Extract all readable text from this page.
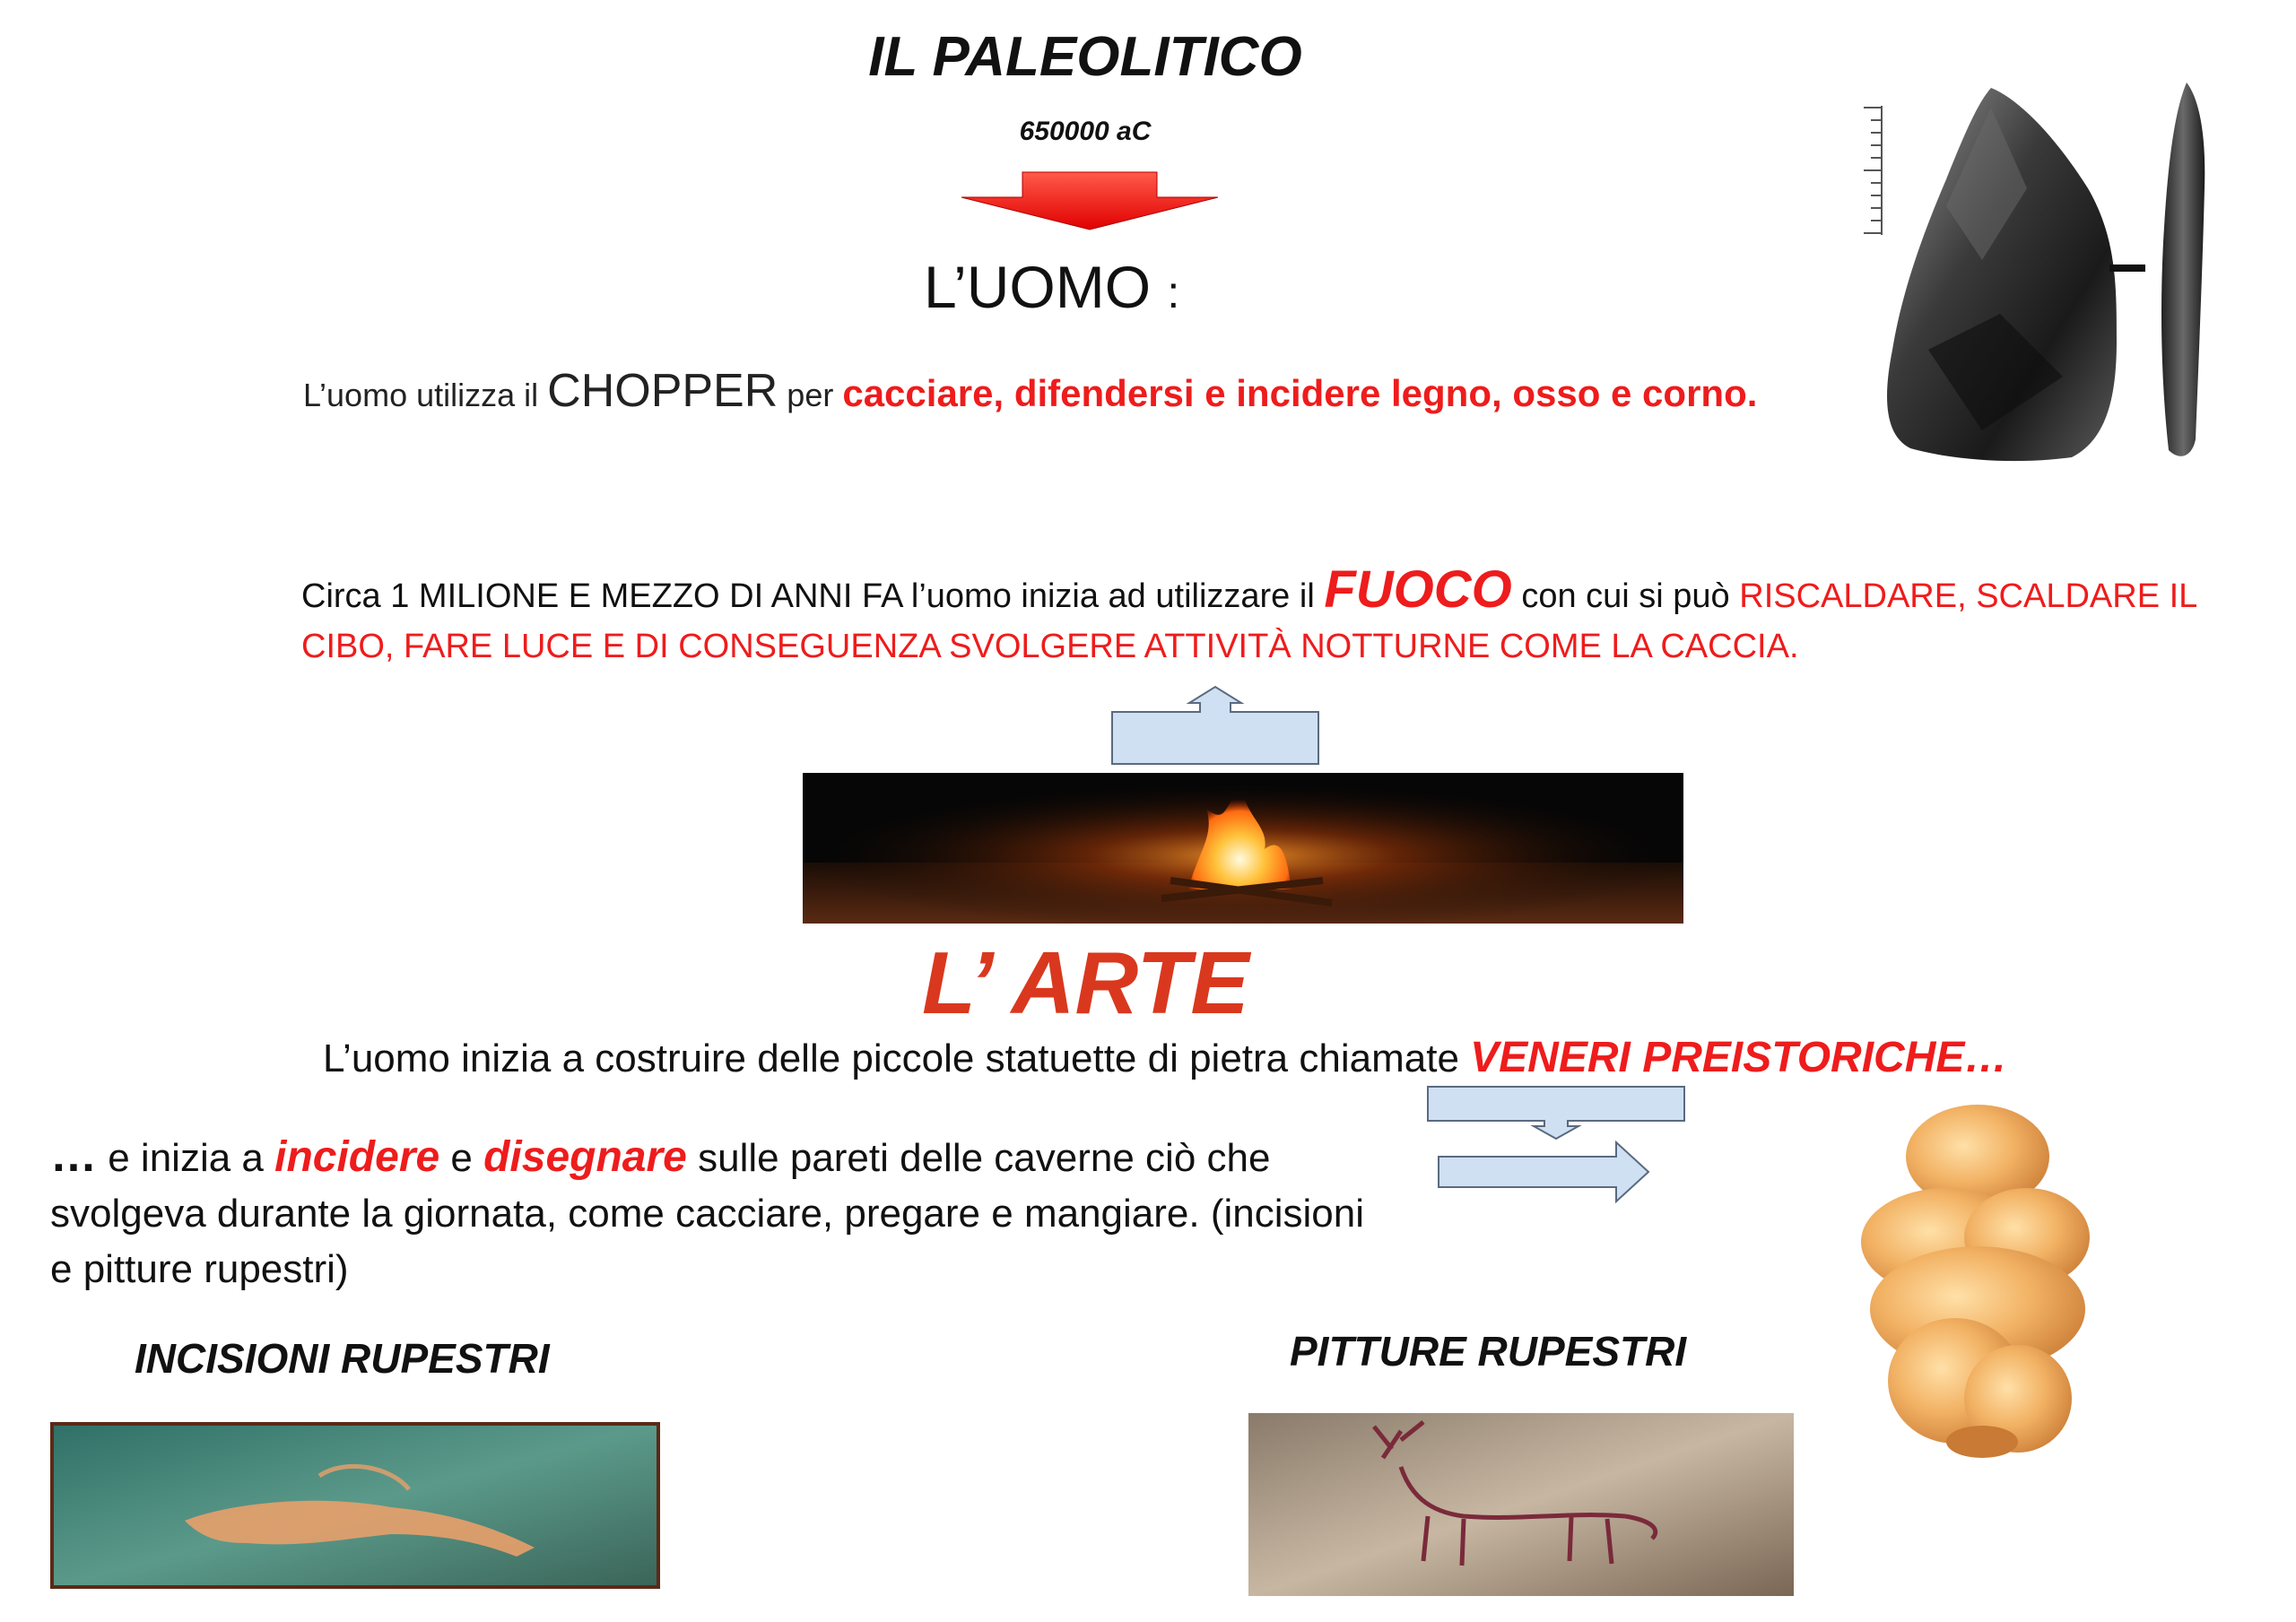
IL PALEOLITICO
650000 aC
L’UOMO :
L’uomo utilizza il CHOPPER per cacciare, difendersi e incidere legno, osso e corno.
Circa 1 MILIONE E MEZZO DI ANNI FA l’uomo inizia ad utilizzare il FUOCO con cui si può RISCALDARE, SCALDARE IL CIBO, FARE LUCE E DI CONSEGUENZA SVOLGERE ATTIVITÀ NOTTURNE COME LA CACCIA.
L’ ARTE
L’uomo inizia a costruire delle piccole statuette di pietra chiamate VENERI PREISTORICHE…
… e inizia a incidere e disegnare sulle pareti delle caverne ciò che svolgeva durante la giornata, come cacciare, pregare e mangiare. (incisioni e pitture rupestri)
INCISIONI RUPESTRI	PITTURE RUPESTRI
